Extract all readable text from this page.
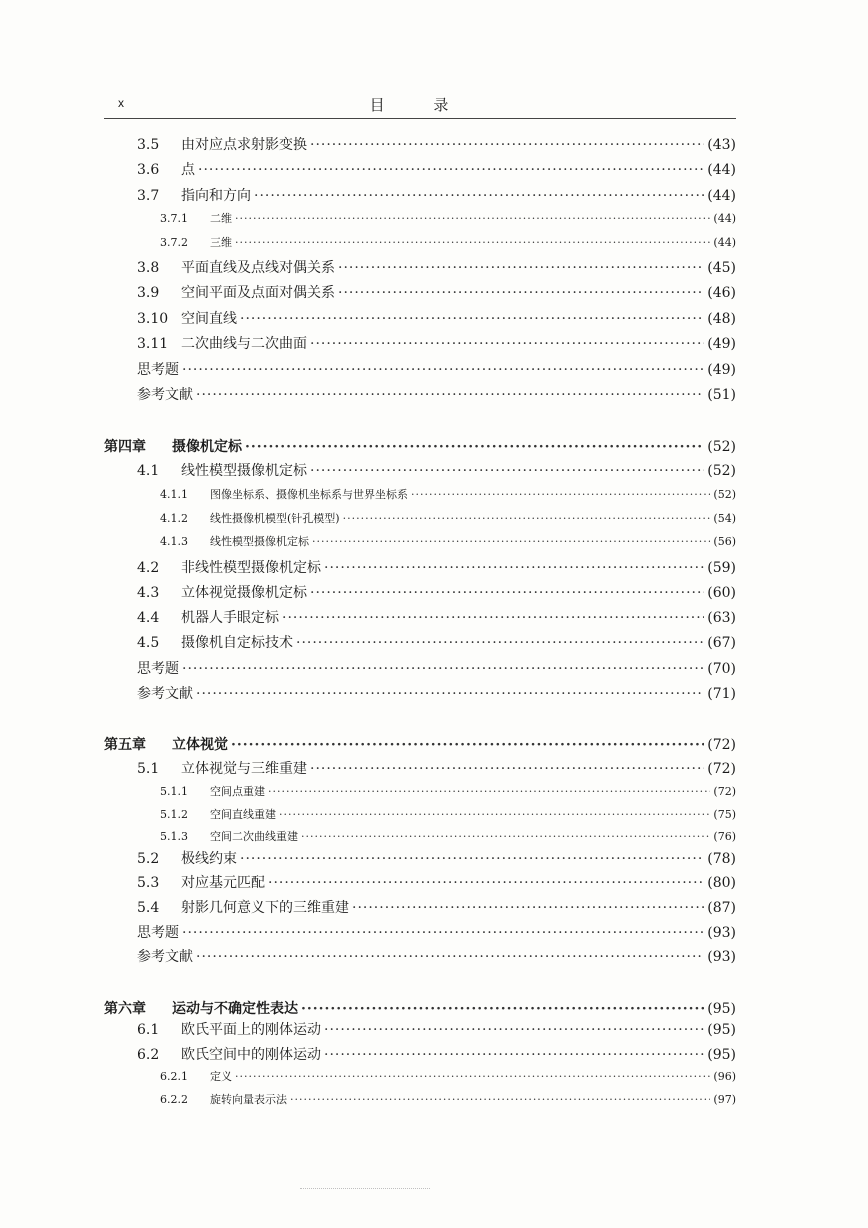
x	目 录
3.5	由对应点求射影变换 ·····	(43)
3.6	点 ·····	(44)
3.7	指向和方向 ·····	(44)
3.7.1	二维 ·····	(44)
3.7.2	三维 ·····	(44)
3.8	平面直线及点线对偶关系 ·····	(45)
3.9	空间平面及点面对偶关系 ·····	(46)
3.10 空间直线 ·····	(48)
3.11 二次曲线与二次曲面 ·····	(49)
思考题 ·····	(49)
参考文献 ·····	(51)
第四章	摄像机定标 ·····	(52)
4.1	线性模型摄像机定标 ·····	(52)
4.1.1	图像坐标系、摄像机坐标系与世界坐标系 ·····	(52)
4.1.2	线性摄像机模型(针孔模型) ·····	(54)
4.1.3	线性模型摄像机定标 ·····	(56)
4.2	非线性模型摄像机定标 ·····	(59)
4.3	立体视觉摄像机定标 ·····	(60)
4.4	机器人手眼定标 ·····	(63)
4.5	摄像机自定标技术 ·····	(67)
思考题 ·····	(70)
参考文献 ·····	(71)
第五章	立体视觉 ·····	(72)
5.1	立体视觉与三维重建 ·····	(72)
5.1.1	空间点重建 ·····	(72)
5.1.2	空间直线重建 ·····	(75)
5.1.3	空间二次曲线重建 ·····	(76)
5.2	极线约束 ·····	(78)
5.3	对应基元匹配 ·····	(80)
5.4	射影几何意义下的三维重建 ·····	(87)
思考题 ·····	(93)
参考文献 ·····	(93)
第六章	运动与不确定性表达 ·····	(95)
6.1	欧氏平面上的刚体运动 ·····	(95)
6.2	欧氏空间中的刚体运动 ·····	(95)
6.2.1	定义 ·····	(96)
6.2.2	旋转向量表示法 ·····	(97)
